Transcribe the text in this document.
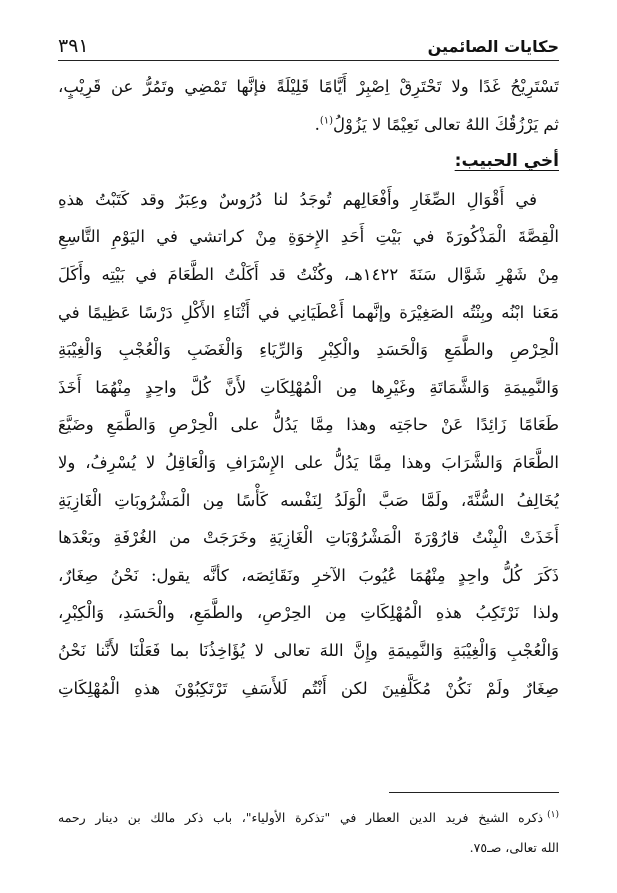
حكايات الصائمين
٣٩١
تَسْتَرِيْحُ غَدًا ولا تَحْتَرِقْ اِصْبِرْ أَيَّامًا قَلِيْلَةً فإنَّها تَمْضِي وتَمُرُّ عن قَرِيْبٍ،
ثم يَرْزُقُكَ اللهُ تعالى نَعِيْمًا لا يَزُوْلُ$^{(١)}$.
أخي الحبيب:
في أَقْوَالِ الصِّغَارِ وأَفْعَالِهم تُوجَدُ لنا دُرُوسٌ وعِبَرٌ وقد كَتَبْتُ هذهِ
الْقِصَّةَ الْمَذْكُورَةَ في بَيْتِ أَحَدِ الإِخوَةِ مِنْ كراتشي في اليَوْمِ التَّاسِعِ
مِنْ شَهْرِ شَوَّال سَنَةَ ١٤٢٢هـ، وكُنْتُ قد أَكَلْتُ الطَّعَامَ في بَيْتِه وأَكَلَ
مَعَنا ابْنُه وبِنْتُه الصَغِيْرَة وإنَّهما أَعْطَيَانِي في أَثْنَاءِ الأَكْلِ دَرْسًا عَظِيمًا في
الْحِرْصِ والطَّمَعِ وَالْحَسَدِ والْكِبْرِ وَالرِّيَاءِ وَالْغَضَبِ وَالْعُجْبِ وَالْغِيْبَةِ
وَالنَّمِيمَةِ وَالشَّمَاتَةِ وغَيْرِها مِن الْمُهْلِكَاتِ لأَنَّ كُلَّ واحِدٍ مِنْهُمَا أَخَذَ
طَعَامًا زَائِدًا عَنْ حاجَتِه وهذا مِمَّا يَدُلُّ على الْحِرْصِ وَالطَّمَعِ وضَيَّعَ
الطَّعَامَ وَالشَّرَابَ وهذا مِمَّا يَدُلُّ على الإِسْرَافِ وَالْعَاقِلُ لا يُسْرِفُ، ولا
يُخَالِفُ السُّنَّةَ، ولَمَّا صَبَّ الْوَلَدُ لِنَفْسه كَأْسًا مِن الْمَشْرُوبَاتِ الْغَازِيَةِ
أَخَذَتْ الْبِنْتُ قارُوْرَةَ الْمَشْرُوْبَاتِ الْغَازِيَةِ وخَرَجَتْ من الغُرْفَةِ وبَعْدَها
ذَكَرَ كُلُّ واحِدٍ مِنْهُمَا عُيُوبَ الآخرِ ونَقَائِصَه، كأنَّه يقول: نَحْنُ صِغَارٌ،
ولذا نَرْتَكِبُ هذهِ الْمُهْلِكَاتِ مِن الحِرْصِ، والطَّمَعِ، والْحَسَدِ، وَالْكِبْرِ،
وَالْعُجْبِ وَالْغِيْبَةِ وَالنَّمِيمَةِ وإِنَّ اللهَ تعالى لا يُؤَاخِذُنَا بما فَعَلْنَا لأَنَّنا نَحْنُ
صِغَارٌ ولَمْ نَكُنْ مُكَلَّفِينَ لكن أَنْتُم لَلأَسَفِ تَرْتَكِبُوْنَ هذهِ الْمُهْلِكَاتِ
$^{(١)}$ذكره الشيخ فريد الدين العطار في "تذكرة الأولياء"، باب ذكر مالك بن دينار رحمه
الله تعالى، صـ٧٥.
